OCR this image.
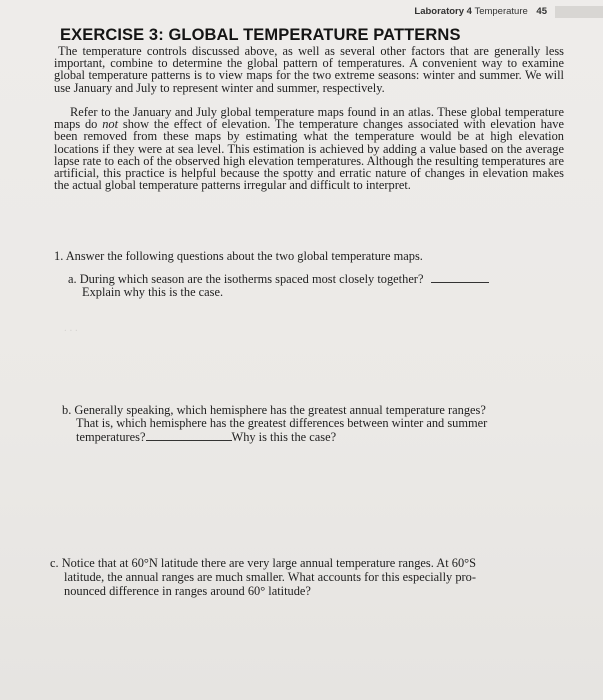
Laboratory 4 Temperature 45
EXERCISE 3: GLOBAL TEMPERATURE PATTERNS
The temperature controls discussed above, as well as several other factors that are generally less important, combine to determine the global pattern of temperatures. A convenient way to examine global temperature patterns is to view maps for the two extreme seasons: winter and summer. We will use January and July to represent winter and summer, respectively.
Refer to the January and July global temperature maps found in an atlas. These global temperature maps do not show the effect of elevation. The temperature changes associated with elevation have been removed from these maps by estimating what the temperature would be at high elevation locations if they were at sea level. This estimation is achieved by adding a value based on the average lapse rate to each of the observed high elevation temperatures. Although the resulting temperatures are artificial, this practice is helpful because the spotty and erratic nature of changes in elevation makes the actual global temperature patterns irregular and difficult to interpret.
1. Answer the following questions about the two global temperature maps.
a. During which season are the isotherms spaced most closely together?
Explain why this is the case.
. . .
b. Generally speaking, which hemisphere has the greatest annual temperature ranges?
That is, which hemisphere has the greatest differences between winter and summer
temperatures?	Why is this the case?
c. Notice that at 60°N latitude there are very large annual temperature ranges. At 60°S
latitude, the annual ranges are much smaller. What accounts for this especially pro-
nounced difference in ranges around 60° latitude?
